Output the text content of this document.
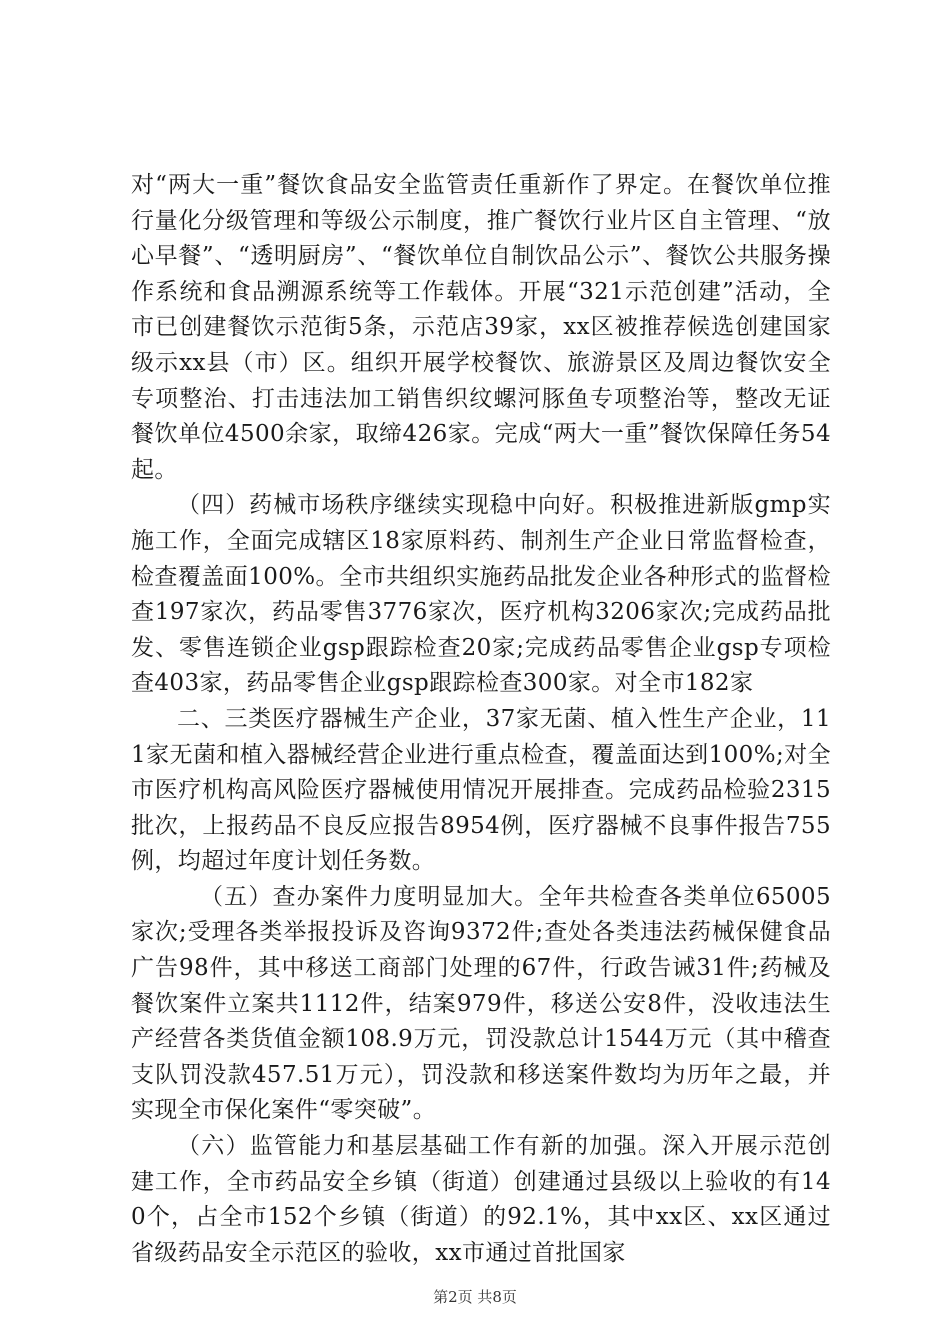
对“两大一重”餐饮食品安全监管责任重新作了界定。在餐饮单位推行量化分级管理和等级公示制度，推广餐饮行业片区自主管理、“放心早餐”、“透明厨房”、“餐饮单位自制饮品公示”、餐饮公共服务操作系统和食品溯源系统等工作载体。开展“321示范创建”活动，全市已创建餐饮示范街5条，示范店39家，xx区被推荐候选创建国家级示xx县（市）区。组织开展学校餐饮、旅游景区及周边餐饮安全专项整治、打击违法加工销售织纹螺河豚鱼专项整治等，整改无证餐饮单位4500余家，取缔426家。完成“两大一重”餐饮保障任务54起。

（四）药械市场秩序继续实现稳中向好。积极推进新版gmp实施工作，全面完成辖区18家原料药、制剂生产企业日常监督检查，检查覆盖面100%。全市共组织实施药品批发企业各种形式的监督检查197家次，药品零售3776家次，医疗机构3206家次;完成药品批发、零售连锁企业gsp跟踪检查20家;完成药品零售企业gsp专项检查403家，药品零售企业gsp跟踪检查300家。对全市182家

二、三类医疗器械生产企业，37家无菌、植入性生产企业，111家无菌和植入器械经营企业进行重点检查，覆盖面达到100%;对全市医疗机构高风险医疗器械使用情况开展排查。完成药品检验2315批次，上报药品不良反应报告8954例，医疗器械不良事件报告755例，均超过年度计划任务数。

（五）查办案件力度明显加大。全年共检查各类单位65005家次;受理各类举报投诉及咨询9372件;查处各类违法药械保健食品广告98件，其中移送工商部门处理的67件，行政告诫31件;药械及餐饮案件立案共1112件，结案979件，移送公安8件，没收违法生产经营各类货值金额108.9万元，罚没款总计1544万元（其中稽查支队罚没款457.51万元），罚没款和移送案件数均为历年之最，并实现全市保化案件“零突破”。

（六）监管能力和基层基础工作有新的加强。深入开展示范创建工作，全市药品安全乡镇（街道）创建通过县级以上验收的有140个，占全市152个乡镇（街道）的92.1%，其中xx区、xx区通过省级药品安全示范区的验收，xx市通过首批国家

第2页 共8页
